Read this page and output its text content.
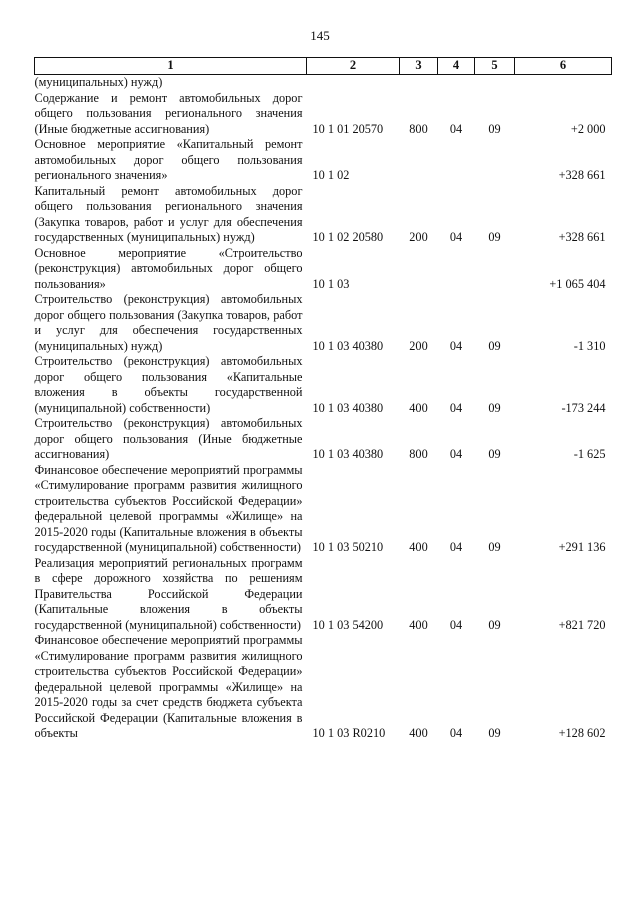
145
1	2	3	4	5	6
(муниципальных) нужд)					
Содержание и ремонт автомобильных дорог общего пользования регионального значения (Иные бюджетные ассигнования)	10 1 01 20570	800	04	09	+2 000
Основное мероприятие «Капитальный ремонт автомобильных дорог общего пользования регионального значения»	10 1 02				+328 661
Капитальный ремонт автомобильных дорог общего пользования регионального значения (Закупка товаров, работ и услуг для обеспечения государственных (муниципальных) нужд)	10 1 02 20580	200	04	09	+328 661
Основное мероприятие «Строительство (реконструкция) автомобильных дорог общего пользования»	10 1 03				+1 065 404
Строительство (реконструкция) автомобильных дорог общего пользования (Закупка товаров, работ и услуг для обеспечения государственных (муниципальных) нужд)	10 1 03 40380	200	04	09	-1 310
Строительство (реконструкция) автомобильных дорог общего пользования «Капитальные вложения в объекты государственной (муниципальной) собственности)	10 1 03 40380	400	04	09	-173 244
Строительство (реконструкция) автомобильных дорог общего пользования (Иные бюджетные ассигнования)	10 1 03 40380	800	04	09	-1 625
Финансовое обеспечение мероприятий программы «Стимулирование программ развития жилищного строительства субъектов Российской Федерации» федеральной целевой программы «Жилище» на 2015-2020 годы (Капитальные вложения в объекты государственной (муниципальной) собственности)	10 1 03 50210	400	04	09	+291 136
Реализация мероприятий региональных программ в сфере дорожного хозяйства по решениям Правительства Российской Федерации (Капитальные вложения в объекты государственной (муниципальной) собственности)	10 1 03 54200	400	04	09	+821 720
Финансовое обеспечение мероприятий программы «Стимулирование программ развития жилищного строительства субъектов Российской Федерации» федеральной целевой программы «Жилище» на 2015-2020 годы за счет средств бюджета субъекта Российской Федерации (Капитальные вложения в объекты	10 1 03 R0210	400	04	09	+128 602
